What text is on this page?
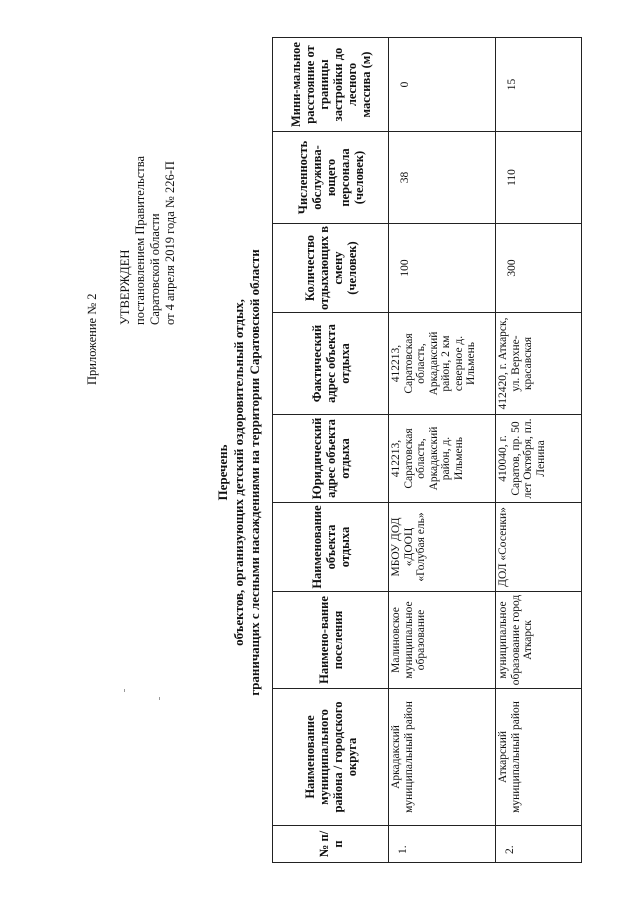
Приложение № 2
УТВЕРЖДЕН постановлением Правительства Саратовской области от 4 апреля 2019 года № 226-П
Перечень объектов, организующих детский оздоровительный отдых, граничащих с лесными насаждениями на территории Саратовской области
№ п/п	Наименование муниципального района / городского округа	Наимено-вание поселения	Наименование объекта отдыха	Юридический адрес объекта отдыха	Фактический адрес объекта отдыха	Количество отдыхающих в смену (человек)	Численность обслужива-ющего персонала (человек)	Мини-мальное расстояние от границы застройки до лесного массива (м)
1.	Аркадакский муниципальный район	Малиновское муниципальное образование	МБОУ ДОД «ДООЦ «Голубая ель»	412213, Саратовская область, Аркадакский район, д. Ильмень	412213, Саратовская область, Аркадакский район, 2 км северное д. Ильмень	100	38	0
2.	Аткарский муниципальный район	муниципальное образование город Аткарск	ДОЛ «Сосенки»	410040, г. Саратов, пр. 50 лет Октября, пл. Ленина	412420, г. Аткарск, ул. Верхне-красавская	300	110	15
